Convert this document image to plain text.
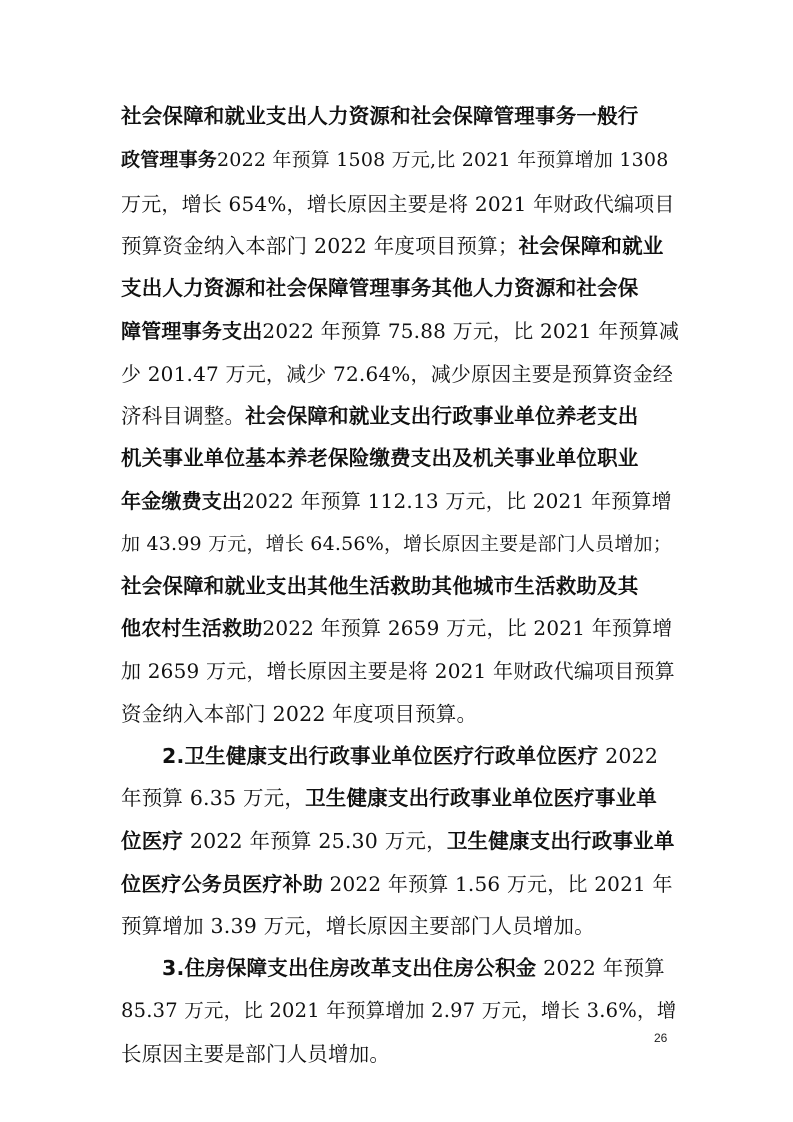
社会保障和就业支出人力资源和社会保障管理事务一般行
政管理事务2022 年预算 1508 万元,比 2021 年预算增加 1308
万元，增长 654%，增长原因主要是将 2021 年财政代编项目
预算资金纳入本部门 2022 年度项目预算；社会保障和就业
支出人力资源和社会保障管理事务其他人力资源和社会保
障管理事务支出2022 年预算 75.88 万元，比 2021 年预算减
少 201.47 万元，减少 72.64%，减少原因主要是预算资金经
济科目调整。社会保障和就业支出行政事业单位养老支出
机关事业单位基本养老保险缴费支出及机关事业单位职业
年金缴费支出2022 年预算 112.13 万元，比 2021 年预算增
加 43.99 万元，增长 64.56%，增长原因主要是部门人员增加；
社会保障和就业支出其他生活救助其他城市生活救助及其
他农村生活救助2022 年预算 2659 万元，比 2021 年预算增
加 2659 万元，增长原因主要是将 2021 年财政代编项目预算
资金纳入本部门 2022 年度项目预算。
2.卫生健康支出行政事业单位医疗行政单位医疗 2022
年预算 6.35 万元，卫生健康支出行政事业单位医疗事业单
位医疗 2022 年预算 25.30 万元，卫生健康支出行政事业单
位医疗公务员医疗补助 2022 年预算 1.56 万元，比 2021 年
预算增加 3.39 万元，增长原因主要部门人员增加。
3.住房保障支出住房改革支出住房公积金 2022 年预算
85.37 万元，比 2021 年预算增加 2.97 万元，增长 3.6%，增
长原因主要是部门人员增加。
26
